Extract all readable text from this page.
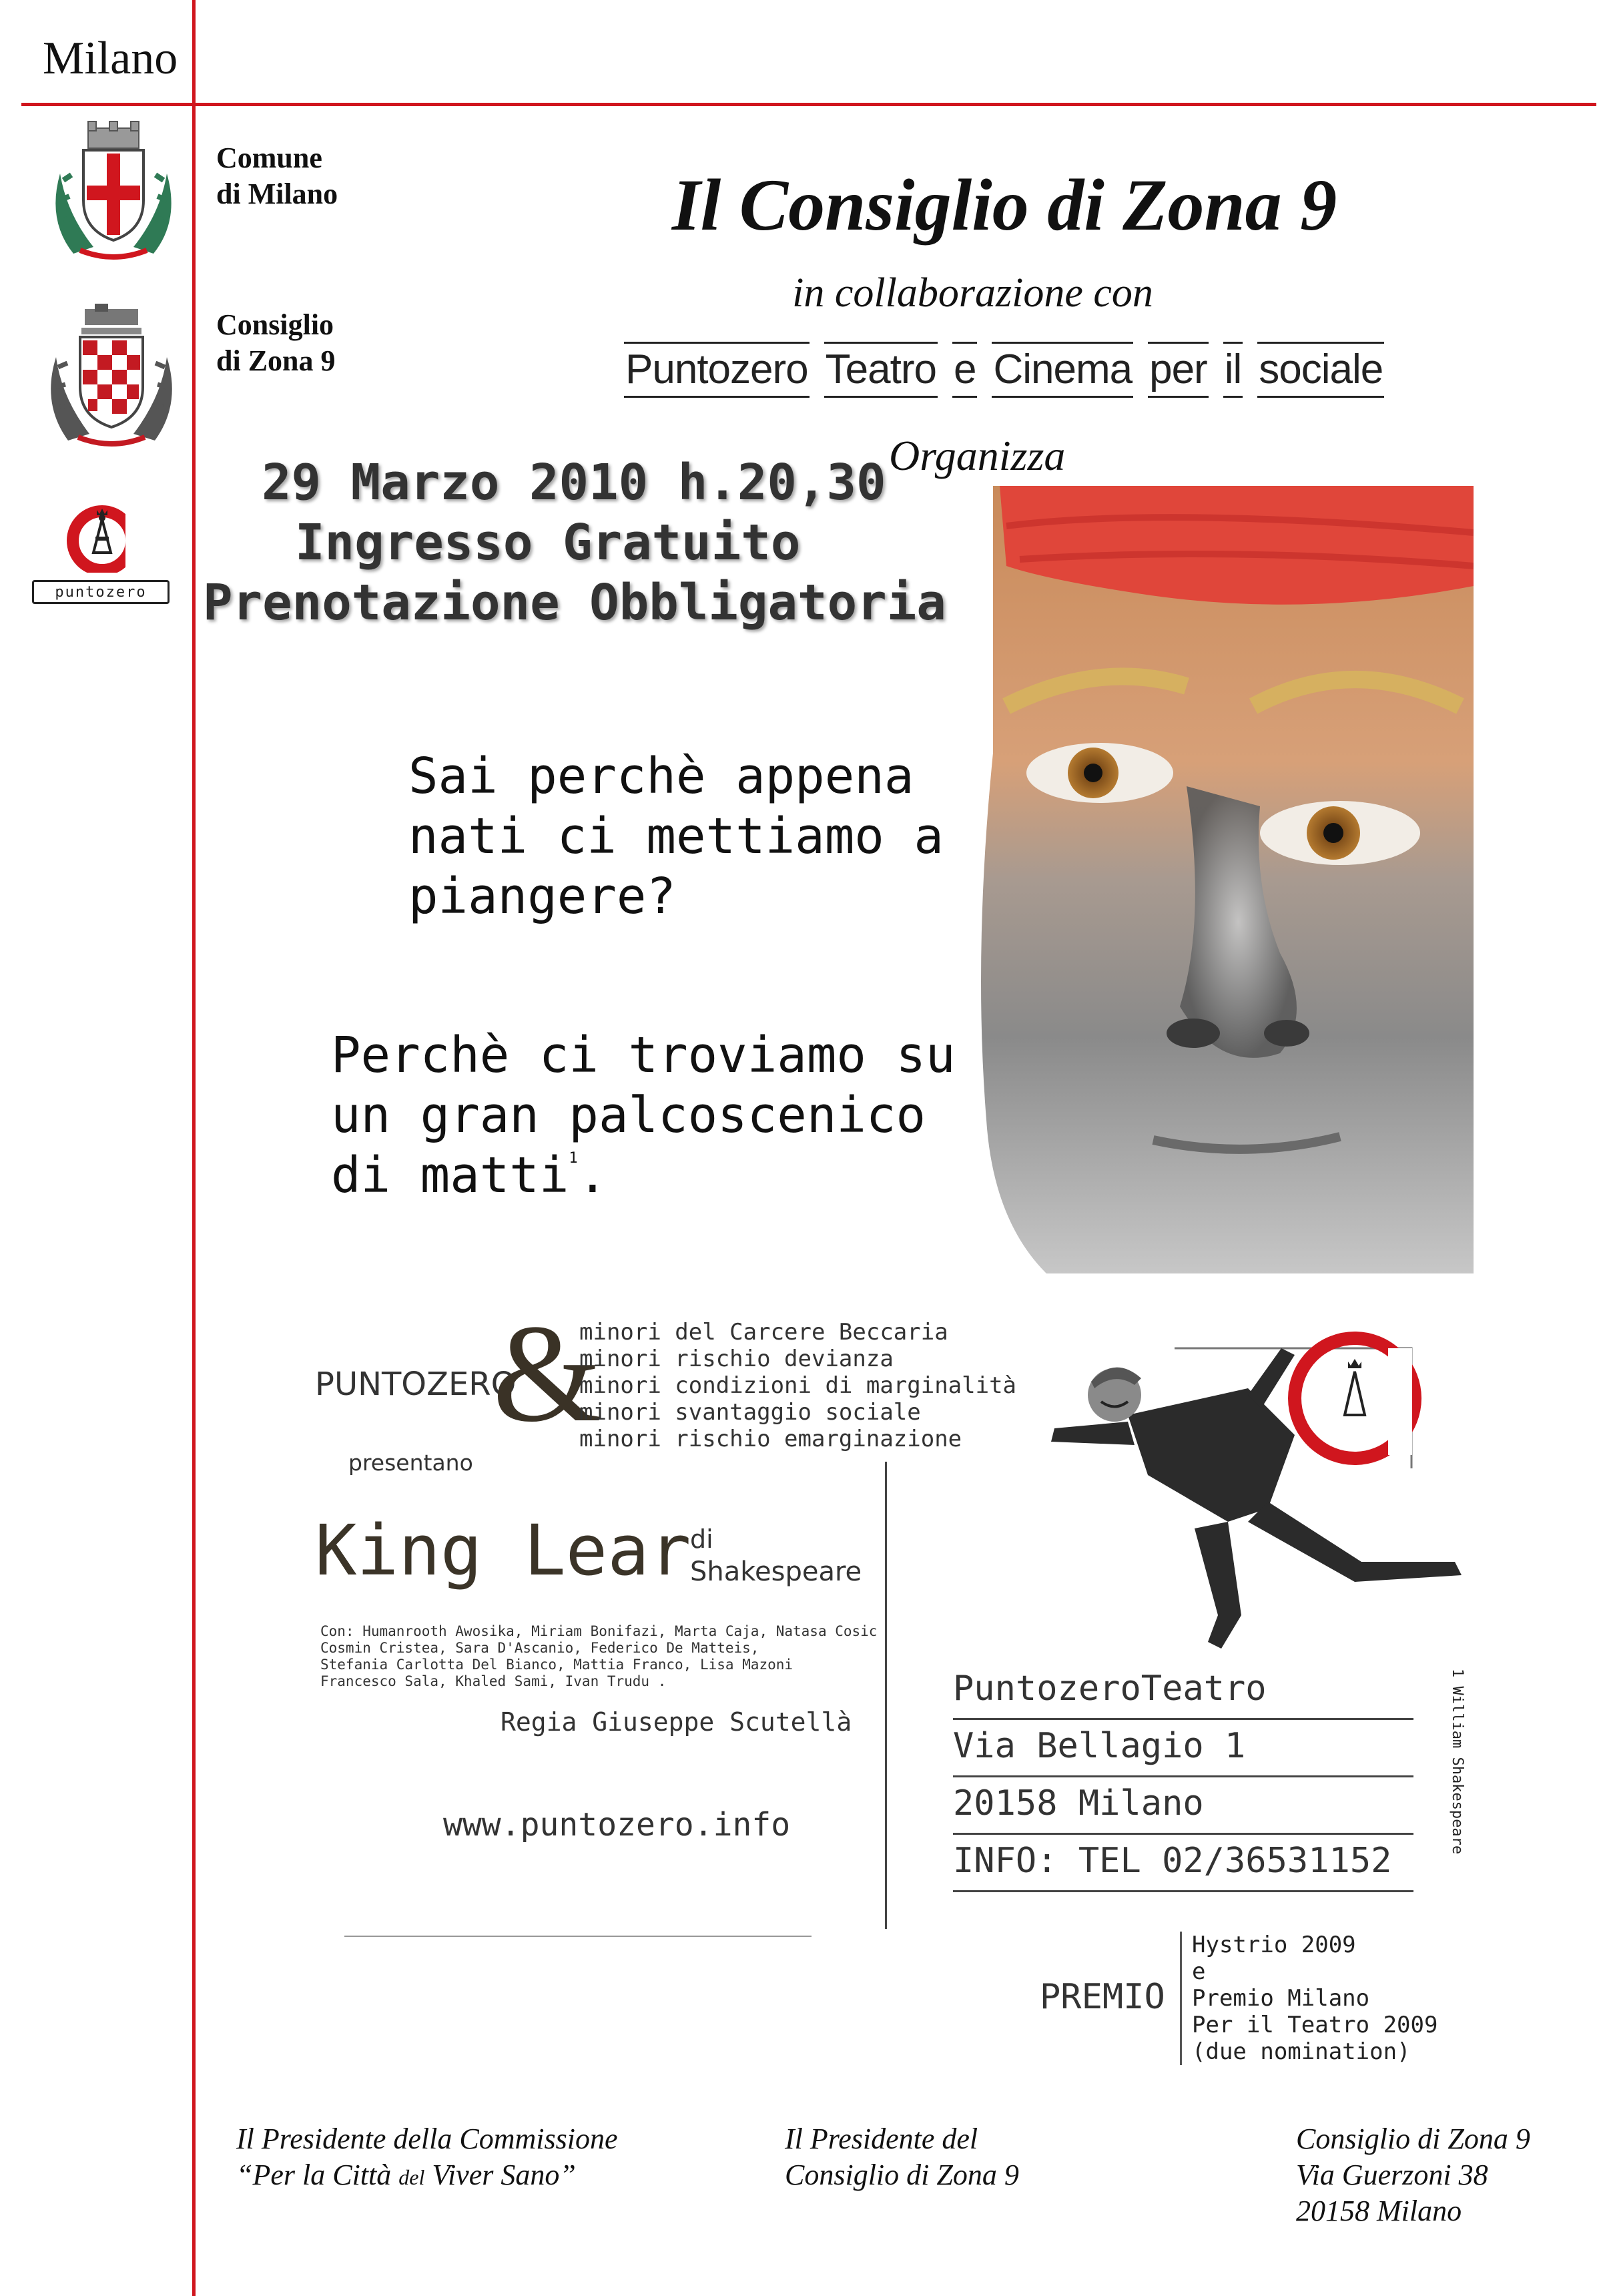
Milano
Comune
di Milano
Consiglio
di Zona 9
puntozero
Il Consiglio di Zona 9
in collaborazione con
Puntozero Teatro e Cinema per il sociale
Organizza
29 Marzo 2010 h.20,30
Ingresso Gratuito
Prenotazione Obbligatoria
Sai perchè appena
nati ci mettiamo a
piangere?
Perchè ci troviamo su
un gran palcoscenico
di matti$^1$.
PUNTOZERO
&
presentano
minori del Carcere Beccaria
minori rischio devianza
minori condizioni di marginalità
minori svantaggio sociale
minori rischio emarginazione
King Lear
di
Shakespeare
Con: Humanrooth Awosika, Miriam Bonifazi, Marta Caja, Natasa Cosic
Cosmin Cristea, Sara D'Ascanio, Federico De Matteis,
Stefania Carlotta Del Bianco, Mattia Franco, Lisa Mazoni
Francesco Sala, Khaled Sami, Ivan Trudu .
Regia Giuseppe Scutellà
www.puntozero.info
PuntozeroTeatro
Via Bellagio 1
20158 Milano
INFO: TEL 02/36531152
1 William Shakespeare
PREMIO
Hystrio 2009
e
Premio Milano
Per il Teatro 2009
(due nomination)
Il Presidente della Commissione
“Per la Città del Viver Sano”
Il Presidente del
Consiglio di Zona 9
Consiglio di Zona 9
Via Guerzoni 38
20158 Milano
